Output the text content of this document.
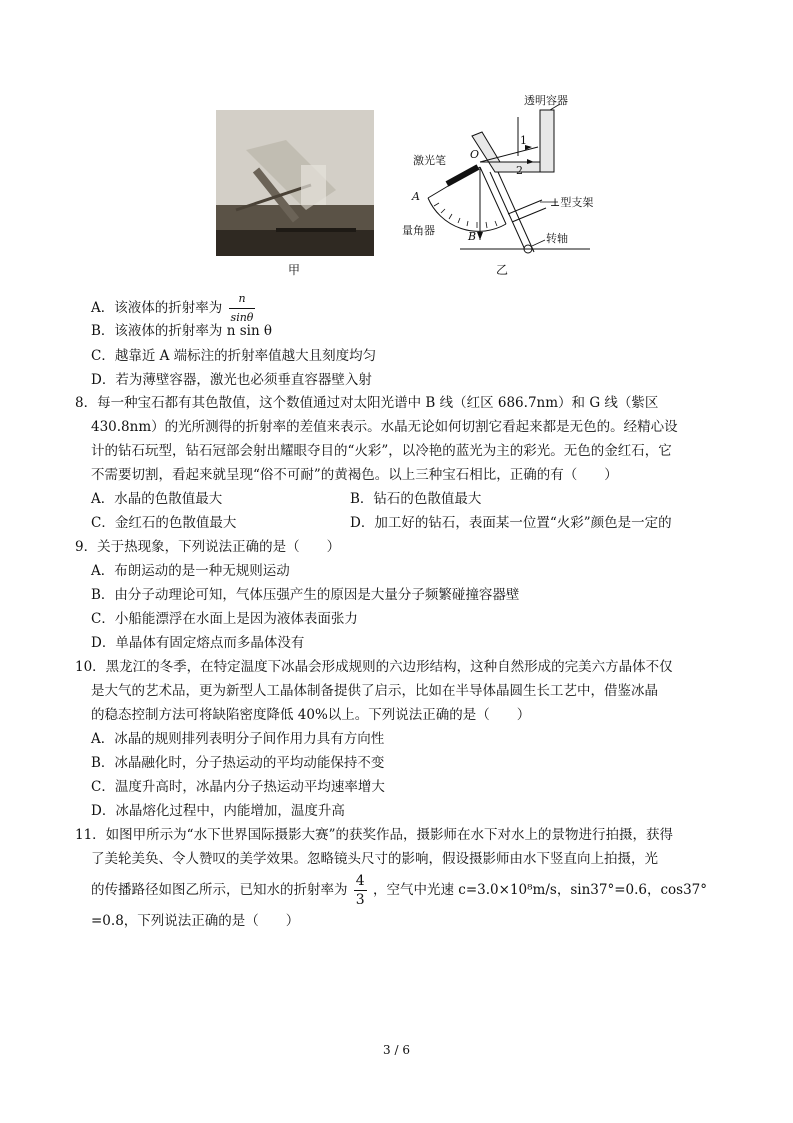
甲
透明容器
激光笔 O
A
B
量角器
⊥型支架
转轴
1
2
乙
A．该液体的折射率为 $\frac{n}{\sin\theta}$
B．该液体的折射率为 n sin θ
C．越靠近 A 端标注的折射率值越大且刻度均匀
D．若为薄壁容器，激光也必须垂直容器壁入射
8．每一种宝石都有其色散值，这个数值通过对太阳光谱中 B 线（红区 686.7nm）和 G 线（紫区
430.8nm）的光所测得的折射率的差值来表示。水晶无论如何切割它看起来都是无色的。经精心设
计的钻石玩型，钻石冠部会射出耀眼夺目的“火彩”，以冷艳的蓝光为主的彩光。无色的金红石，它
不需要切割，看起来就呈现“俗不可耐”的黄褐色。以上三种宝石相比，正确的有（　　）
A．水晶的色散值最大	B．钻石的色散值最大
C．金红石的色散值最大	D．加工好的钻石，表面某一位置“火彩”颜色是一定的
9．关于热现象，下列说法正确的是（　　）
A．布朗运动的是一种无规则运动
B．由分子动理论可知，气体压强产生的原因是大量分子频繁碰撞容器壁
C．小船能漂浮在水面上是因为液体表面张力
D．单晶体有固定熔点而多晶体没有
10．黑龙江的冬季，在特定温度下冰晶会形成规则的六边形结构，这种自然形成的完美六方晶体不仅
是大气的艺术品，更为新型人工晶体制备提供了启示，比如在半导体晶圆生长工艺中，借鉴冰晶
的稳态控制方法可将缺陷密度降低 40%以上。下列说法正确的是（　　）
A．冰晶的规则排列表明分子间作用力具有方向性
B．冰晶融化时，分子热运动的平均动能保持不变
C．温度升高时，冰晶内分子热运动平均速率增大
D．冰晶熔化过程中，内能增加，温度升高
11．如图甲所示为“水下世界国际摄影大赛”的获奖作品，摄影师在水下对水上的景物进行拍摄，获得
了美轮美奂、令人赞叹的美学效果。忽略镜头尺寸的影响，假设摄影师由水下竖直向上拍摄，光
的传播路径如图乙所示，已知水的折射率为 $\frac{4}{3}$ ，空气中光速 c=3.0×10⁸m/s，sin37°=0.6，cos37°
=0.8，下列说法正确的是（　　）
3 / 6
